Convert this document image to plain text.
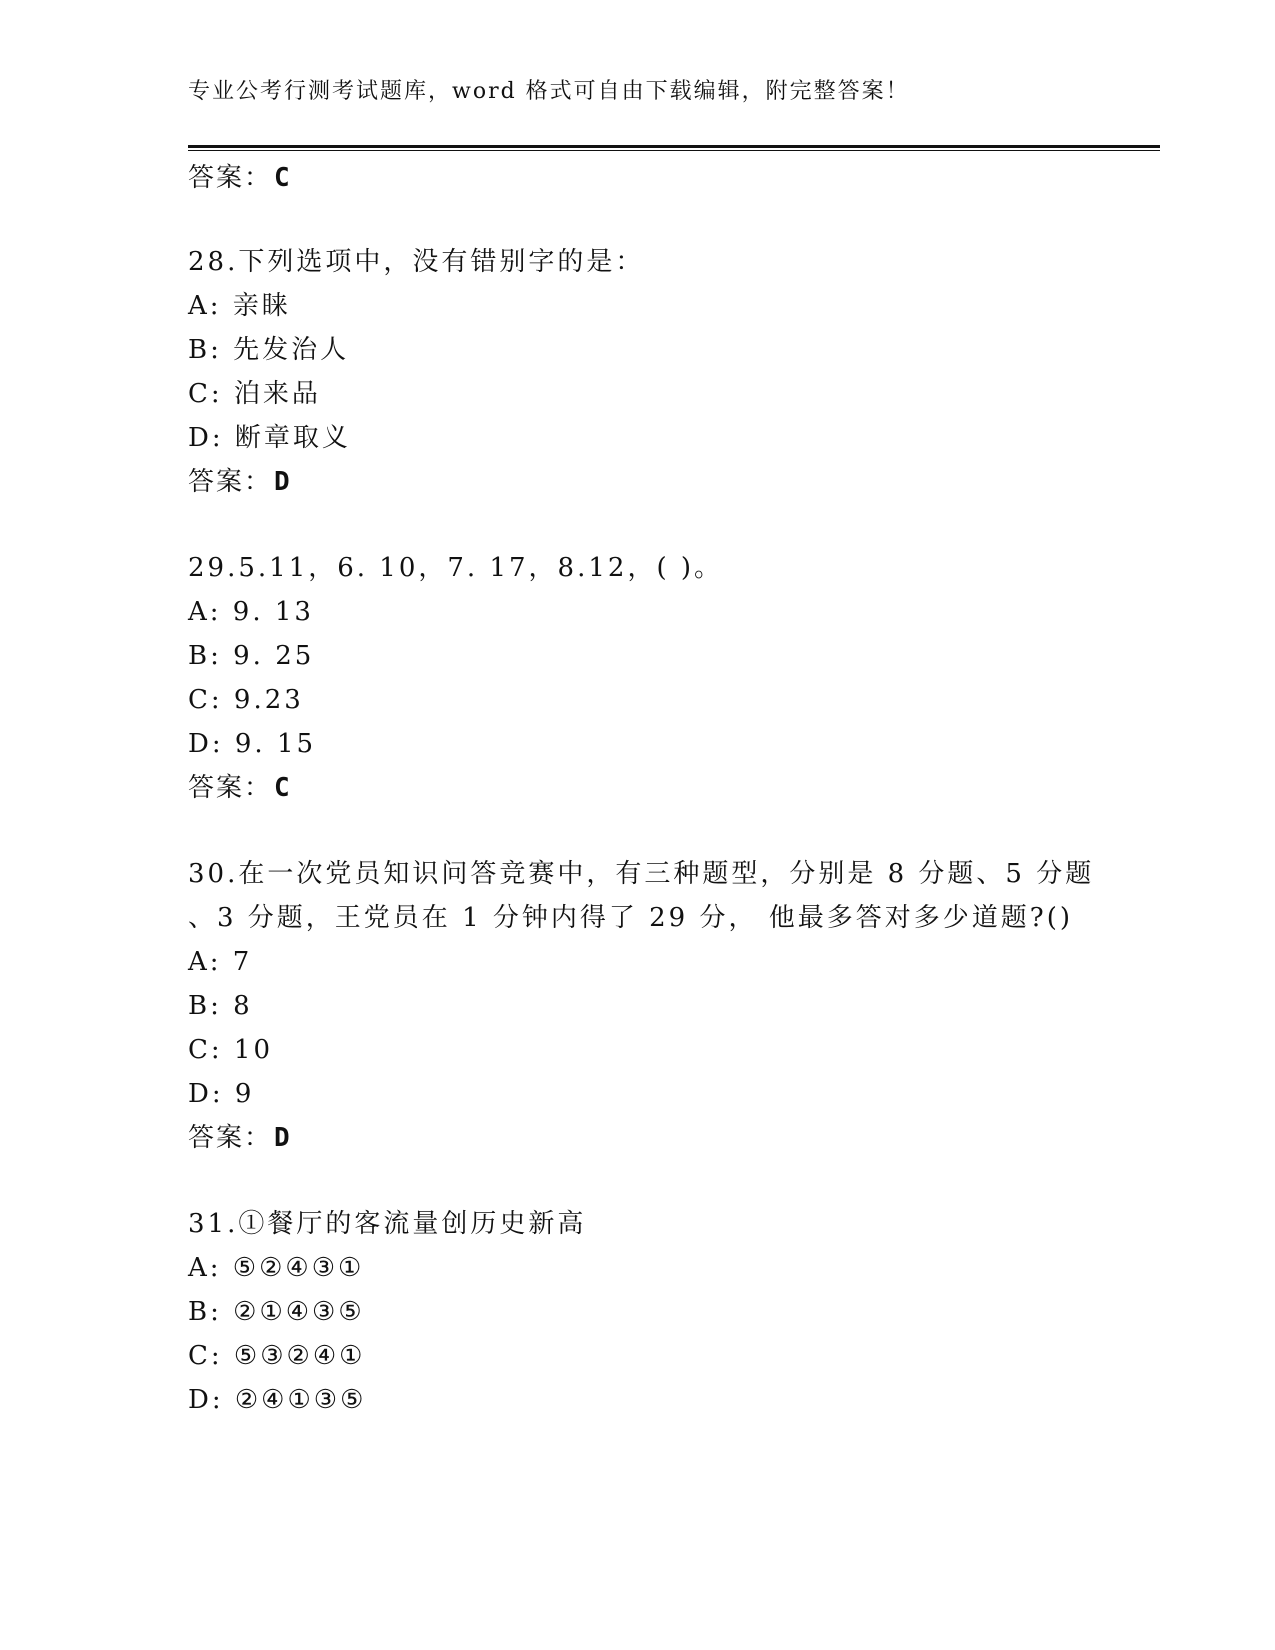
专业公考行测考试题库，word 格式可自由下载编辑，附完整答案！
答案：C
28.下列选项中，没有错别字的是：
A: 亲睐
B: 先发治人
C: 泊来品
D: 断章取义
答案：D
29.5.11，6. 10，7. 17，8.12，( )。
A: 9. 13
B: 9. 25
C: 9.23
D: 9. 15
答案：C
30.在一次党员知识问答竞赛中，有三种题型，分别是 8 分题、5 分题
、3 分题，王党员在 1 分钟内得了 29 分， 他最多答对多少道题?()
A: 7
B: 8
C: 10
D: 9
答案：D
31.①餐厅的客流量创历史新高
A: ⑤②④③①
B: ②①④③⑤
C: ⑤③②④①
D: ②④①③⑤
